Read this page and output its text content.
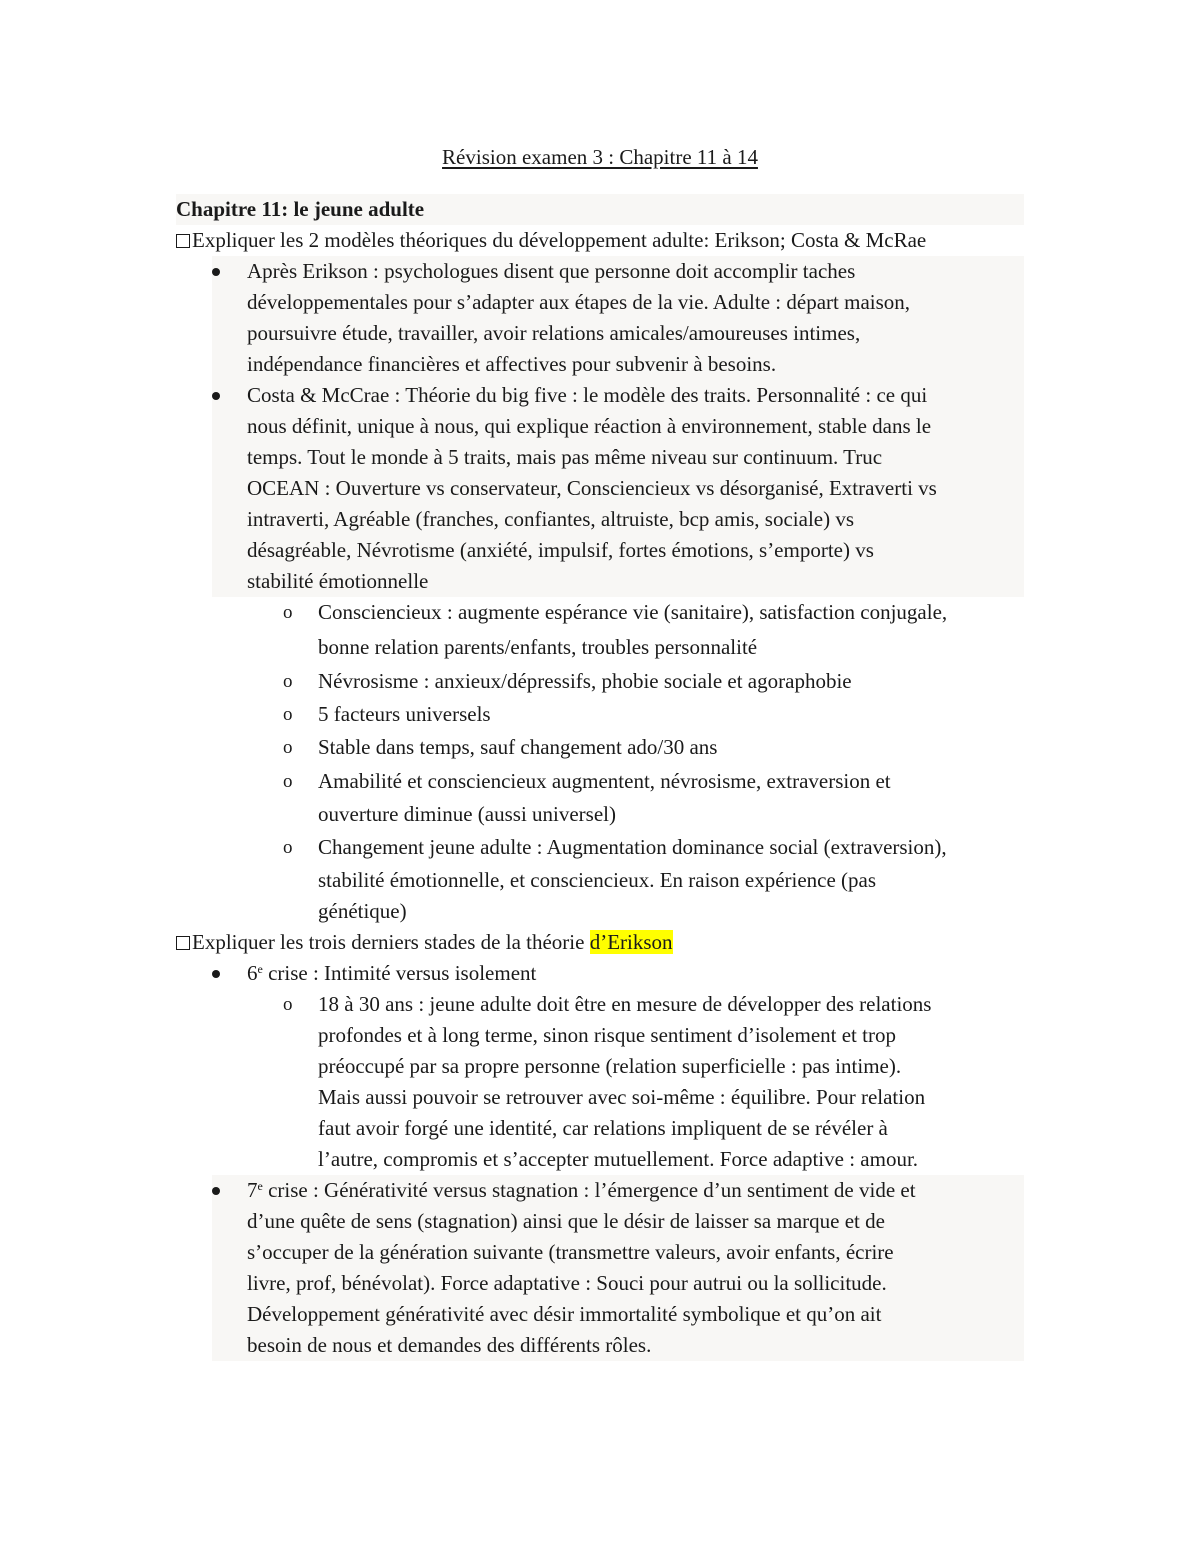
Révision examen 3 : Chapitre 11 à 14
Chapitre 11: le jeune adulte
Expliquer les 2 modèles théoriques du développement adulte: Erikson; Costa & McRae
Après Erikson : psychologues disent que personne doit accomplir taches
développementales pour s’adapter aux étapes de la vie. Adulte : départ maison,
poursuivre étude, travailler, avoir relations amicales/amoureuses intimes,
indépendance financières et affectives pour subvenir à besoins.
Costa & McCrae : Théorie du big five : le modèle des traits. Personnalité : ce qui
nous définit, unique à nous, qui explique réaction à environnement, stable dans le
temps. Tout le monde à 5 traits, mais pas même niveau sur continuum. Truc
OCEAN : Ouverture vs conservateur, Consciencieux vs désorganisé, Extraverti vs
intraverti, Agréable (franches, confiantes, altruiste, bcp amis, sociale) vs
désagréable, Névrotisme (anxiété, impulsif, fortes émotions, s’emporte) vs
stabilité émotionnelle
o Consciencieux : augmente espérance vie (sanitaire), satisfaction conjugale,
bonne relation parents/enfants, troubles personnalité
o Névrosisme : anxieux/dépressifs, phobie sociale et agoraphobie
o 5 facteurs universels
o Stable dans temps, sauf changement ado/30 ans
o Amabilité et consciencieux augmentent, névrosisme, extraversion et
ouverture diminue (aussi universel)
o Changement jeune adulte : Augmentation dominance social (extraversion),
stabilité émotionnelle, et consciencieux. En raison expérience (pas
génétique)
Expliquer les trois derniers stades de la théorie d’Erikson
6e crise : Intimité versus isolement
o 18 à 30 ans : jeune adulte doit être en mesure de développer des relations
profondes et à long terme, sinon risque sentiment d’isolement et trop
préoccupé par sa propre personne (relation superficielle : pas intime).
Mais aussi pouvoir se retrouver avec soi-même : équilibre. Pour relation
faut avoir forgé une identité, car relations impliquent de se révéler à
l’autre, compromis et s’accepter mutuellement. Force adaptive : amour.
7e crise : Générativité versus stagnation : l’émergence d’un sentiment de vide et
d’une quête de sens (stagnation) ainsi que le désir de laisser sa marque et de
s’occuper de la génération suivante (transmettre valeurs, avoir enfants, écrire
livre, prof, bénévolat). Force adaptative : Souci pour autrui ou la sollicitude.
Développement générativité avec désir immortalité symbolique et qu’on ait
besoin de nous et demandes des différents rôles.
